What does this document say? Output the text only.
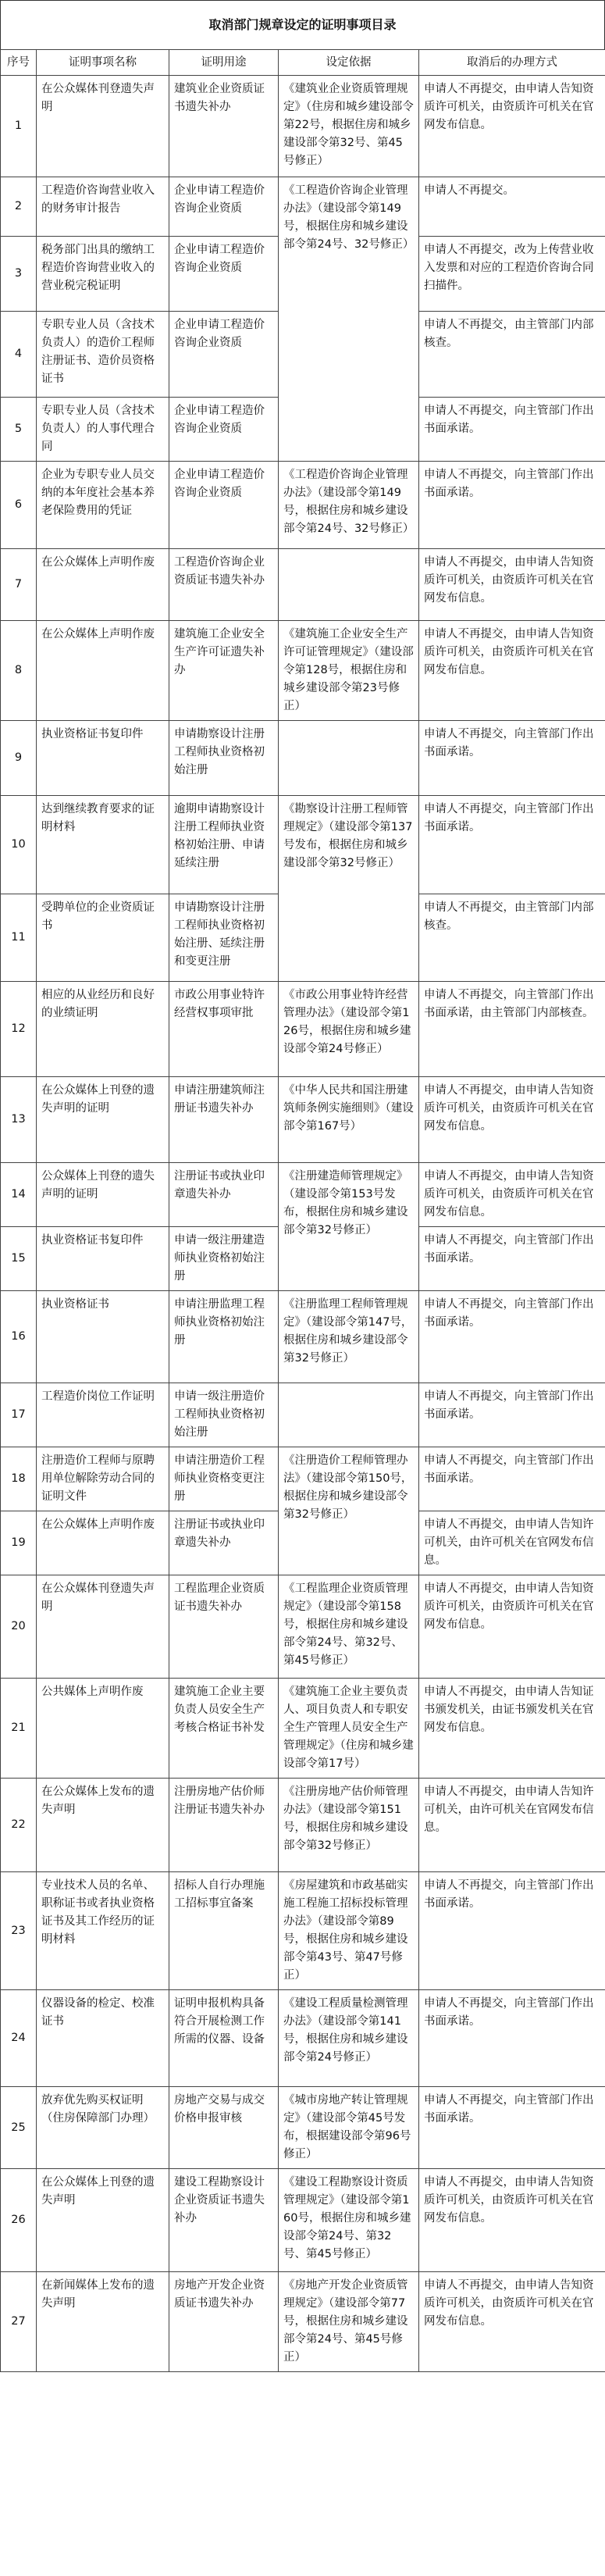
取消部门规章设定的证明事项目录
序号	证明事项名称	证明用途	设定依据	取消后的办理方式
1	在公众媒体刊登遗失声明	建筑业企业资质证书遗失补办	《建筑业企业资质管理规定》（住房和城乡建设部令第22号，根据住房和城乡建设部令第32号、第45号修正）	申请人不再提交，由申请人告知资质许可机关，由资质许可机关在官网发布信息。
2	工程造价咨询营业收入的财务审计报告	企业申请工程造价咨询企业资质	《工程造价咨询企业管理办法》（建设部令第149号，根据住房和城乡建设部令第24号、32号修正）	申请人不再提交。
3	税务部门出具的缴纳工程造价咨询营业收入的营业税完税证明	企业申请工程造价咨询企业资质		申请人不再提交，改为上传营业收入发票和对应的工程造价咨询合同扫描件。
4	专职专业人员（含技术负责人）的造价工程师注册证书、造价员资格证书	企业申请工程造价咨询企业资质		申请人不再提交，由主管部门内部核查。
5	专职专业人员（含技术负责人）的人事代理合同	企业申请工程造价咨询企业资质		申请人不再提交，向主管部门作出书面承诺。
6	企业为专职专业人员交纳的本年度社会基本养老保险费用的凭证	企业申请工程造价咨询企业资质	《工程造价咨询企业管理办法》（建设部令第149号，根据住房和城乡建设部令第24号、32号修正）	申请人不再提交，向主管部门作出书面承诺。
7	在公众媒体上声明作废	工程造价咨询企业资质证书遗失补办		申请人不再提交，由申请人告知资质许可机关，由资质许可机关在官网发布信息。
8	在公众媒体上声明作废	建筑施工企业安全生产许可证遗失补办	《建筑施工企业安全生产许可证管理规定》（建设部令第128号，根据住房和城乡建设部令第23号修正）	申请人不再提交，由申请人告知资质许可机关，由资质许可机关在官网发布信息。
9	执业资格证书复印件	申请勘察设计注册工程师执业资格初始注册		申请人不再提交，向主管部门作出书面承诺。
10	达到继续教育要求的证明材料	逾期申请勘察设计注册工程师执业资格初始注册、申请延续注册	《勘察设计注册工程师管理规定》（建设部令第137号发布，根据住房和城乡建设部令第32号修正）	申请人不再提交，向主管部门作出书面承诺。
11	受聘单位的企业资质证书	申请勘察设计注册工程师执业资格初始注册、延续注册和变更注册		申请人不再提交，由主管部门内部核查。
12	相应的从业经历和良好的业绩证明	市政公用事业特许经营权事项审批	《市政公用事业特许经营管理办法》（建设部令第126号，根据住房和城乡建设部令第24号修正）	申请人不再提交，向主管部门作出书面承诺，由主管部门内部核查。
13	在公众媒体上刊登的遗失声明的证明	申请注册建筑师注册证书遗失补办	《中华人民共和国注册建筑师条例实施细则》（建设部令第167号）	申请人不再提交，由申请人告知资质许可机关，由资质许可机关在官网发布信息。
14	公众媒体上刊登的遗失声明的证明	注册证书或执业印章遗失补办	《注册建造师管理规定》（建设部令第153号发布，根据住房和城乡建设部令第32号修正）	申请人不再提交，由申请人告知资质许可机关，由资质许可机关在官网发布信息。
15	执业资格证书复印件	申请一级注册建造师执业资格初始注册		申请人不再提交，向主管部门作出书面承诺。
16	执业资格证书	申请注册监理工程师执业资格初始注册	《注册监理工程师管理规定》（建设部令第147号，根据住房和城乡建设部令第32号修正）	申请人不再提交，向主管部门作出书面承诺。
17	工程造价岗位工作证明	申请一级注册造价工程师执业资格初始注册		申请人不再提交，向主管部门作出书面承诺。
18	注册造价工程师与原聘用单位解除劳动合同的证明文件	申请注册造价工程师执业资格变更注册	《注册造价工程师管理办法》（建设部令第150号，根据住房和城乡建设部令第32号修正）	申请人不再提交，向主管部门作出书面承诺。
19	在公众媒体上声明作废	注册证书或执业印章遗失补办		申请人不再提交，由申请人告知许可机关，由许可机关在官网发布信息。
20	在公众媒体刊登遗失声明	工程监理企业资质证书遗失补办	《工程监理企业资质管理规定》（建设部令第158号，根据住房和城乡建设部令第24号、第32号、第45号修正）	申请人不再提交，由申请人告知资质许可机关，由资质许可机关在官网发布信息。
21	公共媒体上声明作废	建筑施工企业主要负责人员安全生产考核合格证书补发	《建筑施工企业主要负责人、项目负责人和专职安全生产管理人员安全生产管理规定》（住房和城乡建设部令第17号）	申请人不再提交，由申请人告知证书颁发机关，由证书颁发机关在官网发布信息。
22	在公众媒体上发布的遗失声明	注册房地产估价师注册证书遗失补办	《注册房地产估价师管理办法》（建设部令第151号，根据住房和城乡建设部令第32号修正）	申请人不再提交，由申请人告知许可机关，由许可机关在官网发布信息。
23	专业技术人员的名单、职称证书或者执业资格证书及其工作经历的证明材料	招标人自行办理施工招标事宜备案	《房屋建筑和市政基础实施工程施工招标投标管理办法》（建设部令第89号，根据住房和城乡建设部令第43号、第47号修正）	申请人不再提交，向主管部门作出书面承诺。
24	仪器设备的检定、校准证书	证明申报机构具备符合开展检测工作所需的仪器、设备	《建设工程质量检测管理办法》（建设部令第141号，根据住房和城乡建设部令第24号修正）	申请人不再提交，向主管部门作出书面承诺。
25	放弃优先购买权证明（住房保障部门办理）	房地产交易与成交价格申报审核	《城市房地产转让管理规定》（建设部令第45号发布，根据建设部令第96号修正）	申请人不再提交，向主管部门作出书面承诺。
26	在公众媒体上刊登的遗失声明	建设工程勘察设计企业资质证书遗失补办	《建设工程勘察设计资质管理规定》（建设部令第160号，根据住房和城乡建设部令第24号、第32号、第45号修正）	申请人不再提交，由申请人告知资质许可机关，由资质许可机关在官网发布信息。
27	在新闻媒体上发布的遗失声明	房地产开发企业资质证书遗失补办	《房地产开发企业资质管理规定》（建设部令第77号，根据住房和城乡建设部令第24号、第45号修正）	申请人不再提交，由申请人告知资质许可机关，由资质许可机关在官网发布信息。
